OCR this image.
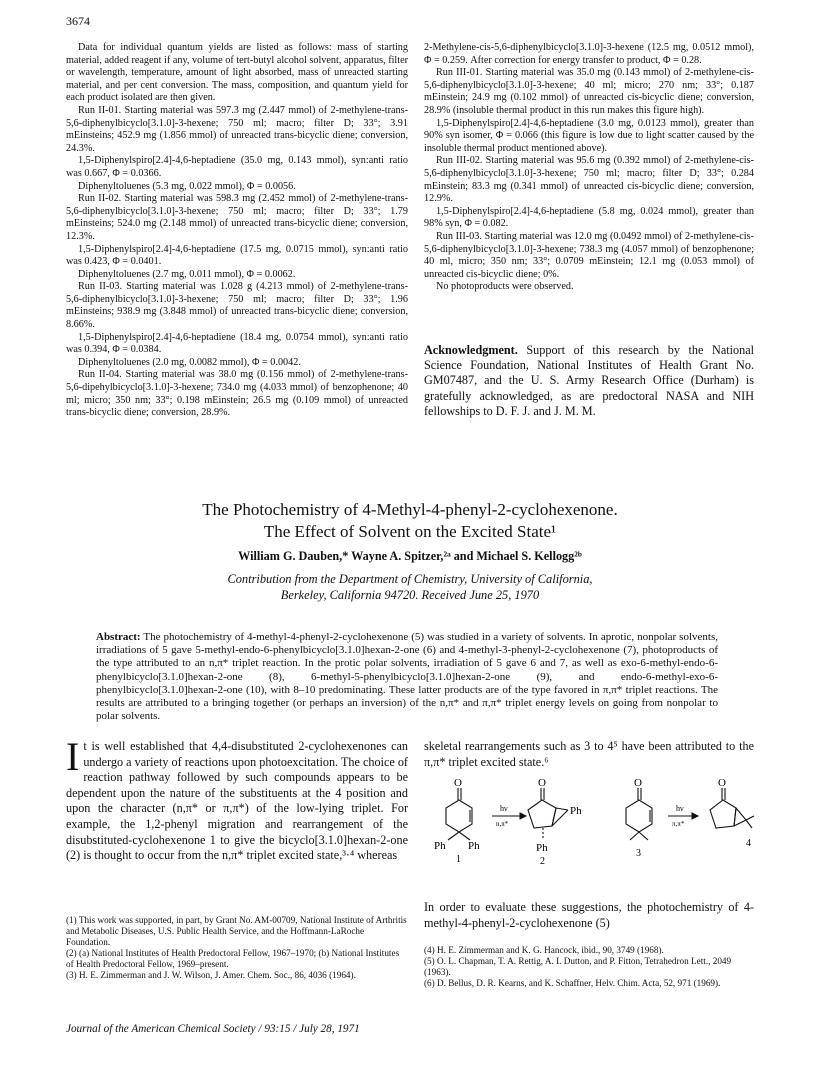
3674

Data for individual quantum yields are listed as follows: mass of starting material, added reagent if any, volume of tert-butyl alcohol solvent, apparatus, filter or wavelength, temperature, amount of light absorbed, mass of unreacted starting material, and per cent conversion. The mass, composition, and quantum yield for each product isolated are then given.

Run II-01. Starting material was 597.3 mg (2.447 mmol) of 2-methylene-trans-5,6-diphenylbicyclo[3.1.0]-3-hexene; 750 ml; macro; filter D; 33°; 3.91 mEinsteins; 452.9 mg (1.856 mmol) of unreacted trans-bicyclic diene; conversion, 24.3%.

1,5-Diphenylspiro[2.4]-4,6-heptadiene (35.0 mg, 0.143 mmol), syn:anti ratio was 0.667, Φ = 0.0366.

Diphenyltoluenes (5.3 mg, 0.022 mmol), Φ = 0.0056.

Run II-02. Starting material was 598.3 mg (2.452 mmol) of 2-methylene-trans-5,6-diphenylbicyclo[3.1.0]-3-hexene; 750 ml; macro; filter D; 33°; 1.79 mEinsteins; 524.0 mg (2.148 mmol) of unreacted trans-bicyclic diene; conversion, 12.3%.

1,5-Diphenylspiro[2.4]-4,6-heptadiene (17.5 mg, 0.0715 mmol), syn:anti ratio was 0.423, Φ = 0.0401.

Diphenyltoluenes (2.7 mg, 0.011 mmol), Φ = 0.0062.

Run II-03. Starting material was 1.028 g (4.213 mmol) of 2-methylene-trans-5,6-diphenylbicyclo[3.1.0]-3-hexene; 750 ml; macro; filter D; 33°; 1.96 mEinsteins; 938.9 mg (3.848 mmol) of unreacted trans-bicyclic diene; conversion, 8.66%.

1,5-Diphenylspiro[2.4]-4,6-heptadiene (18.4 mg, 0.0754 mmol), syn:anti ratio was 0.394, Φ = 0.0384.

Diphenyltoluenes (2.0 mg, 0.0082 mmol), Φ = 0.0042.

Run II-04. Starting material was 38.0 mg (0.156 mmol) of 2-methylene-trans-5,6-dipehylbicyclo[3.1.0]-3-hexene; 734.0 mg (4.033 mmol) of benzophenone; 40 ml; micro; 350 nm; 33°; 0.198 mEinstein; 26.5 mg (0.109 mmol) of unreacted trans-bicyclic diene; conversion, 28.9%.

2-Methylene-cis-5,6-diphenylbicyclo[3.1.0]-3-hexene (12.5 mg, 0.0512 mmol), Φ = 0.259. After correction for energy transfer to product, Φ = 0.28.

Run III-01. Starting material was 35.0 mg (0.143 mmol) of 2-methylene-cis-5,6-diphenylbicyclo[3.1.0]-3-hexene; 40 ml; micro; 270 nm; 33°; 0.187 mEinstein; 24.9 mg (0.102 mmol) of unreacted cis-bicyclic diene; conversion, 28.9% (insoluble thermal product in this run makes this figure high).

1,5-Diphenylspiro[2.4]-4,6-heptadiene (3.0 mg, 0.0123 mmol), greater than 90% syn isomer, Φ = 0.066 (this figure is low due to light scatter caused by the insoluble thermal product mentioned above).

Run III-02. Starting material was 95.6 mg (0.392 mmol) of 2-methylene-cis-5,6-diphenylbicyclo[3.1.0]-3-hexene; 750 ml; macro; filter D; 33°; 0.284 mEinstein; 83.3 mg (0.341 mmol) of unreacted cis-bicyclic diene; conversion, 12.9%.

1,5-Diphenylspiro[2.4]-4,6-heptadiene (5.8 mg, 0.024 mmol), greater than 98% syn, Φ = 0.082.

Run III-03. Starting material was 12.0 mg (0.0492 mmol) of 2-methylene-cis-5,6-diphenylbicyclo[3.1.0]-3-hexene; 738.3 mg (4.057 mmol) of benzophenone; 40 ml, micro; 350 nm; 33°; 0.0709 mEinstein; 12.1 mg (0.053 mmol) of unreacted cis-bicyclic diene; 0%.

No photoproducts were observed.

Acknowledgment. Support of this research by the National Science Foundation, National Institutes of Health Grant No. GM07487, and the U. S. Army Research Office (Durham) is gratefully acknowledged, as are predoctoral NASA and NIH fellowships to D. F. J. and J. M. M.
The Photochemistry of 4-Methyl-4-phenyl-2-cyclohexenone.
The Effect of Solvent on the Excited State¹
William G. Dauben,* Wayne A. Spitzer,²ᵃ and Michael S. Kellogg²ᵇ
Contribution from the Department of Chemistry, University of California,
Berkeley, California 94720. Received June 25, 1970
Abstract: The photochemistry of 4-methyl-4-phenyl-2-cyclohexenone (5) was studied in a variety of solvents. In aprotic, nonpolar solvents, irradiations of 5 gave 5-methyl-endo-6-phenylbicyclo[3.1.0]hexan-2-one (6) and 4-methyl-3-phenyl-2-cyclohexenone (7), photoproducts of the type attributed to an n,π* triplet reaction. In the protic polar solvents, irradiation of 5 gave 6 and 7, as well as exo-6-methyl-endo-6-phenylbicyclo[3.1.0]hexan-2-one (8), 6-methyl-5-phenylbicyclo[3.1.0]hexan-2-one (9), and endo-6-methyl-exo-6-phenylbicyclo[3.1.0]hexan-2-one (10), with 8–10 predominating. These latter products are of the type favored in π,π* triplet reactions. The results are attributed to a bringing together (or perhaps an inversion) of the n,π* and π,π* triplet energy levels on going from nonpolar to polar solvents.
It is well established that 4,4-disubstituted 2-cyclohexenones can undergo a variety of reactions upon photoexcitation. The choice of reaction pathway followed by such compounds appears to be dependent upon the nature of the substituents at the 4 position and upon the character (n,π* or π,π*) of the low-lying triplet. For example, the 1,2-phenyl migration and rearrangement of the disubstituted-cyclohexenone 1 to give the bicyclo[3.1.0]hexan-2-one (2) is thought to occur from the n,π* triplet excited state,³·⁴ whereas

(1) This work was supported, in part, by Grant No. AM-00709, National Institute of Arthritis and Metabolic Diseases, U.S. Public Health Service, and the Hoffmann-LaRoche Foundation.

(2) (a) National Institutes of Health Predoctoral Fellow, 1967–1970; (b) National Institutes of Health Predoctoral Fellow, 1969–present.

(3) H. E. Zimmerman and J. W. Wilson, J. Amer. Chem. Soc., 86, 4036 (1964).

skeletal rearrangements such as 3 to 4⁵ have been attributed to the π,π* triplet excited state.⁶
O
Ph Ph
1
hν
n,π*
O
Ph
Ph
2
O
3
hν
π,π*
O
4
In order to evaluate these suggestions, the photochemistry of 4-methyl-4-phenyl-2-cyclohexenone (5)

(4) H. E. Zimmerman and K. G. Hancock, ibid., 90, 3749 (1968).

(5) O. L. Chapman, T. A. Rettig, A. I. Dutton, and P. Fitton, Tetrahedron Lett., 2049 (1963).

(6) D. Bellus, D. R. Kearns, and K. Schaffner, Helv. Chim. Acta, 52, 971 (1969).

Journal of the American Chemical Society / 93:15 / July 28, 1971
